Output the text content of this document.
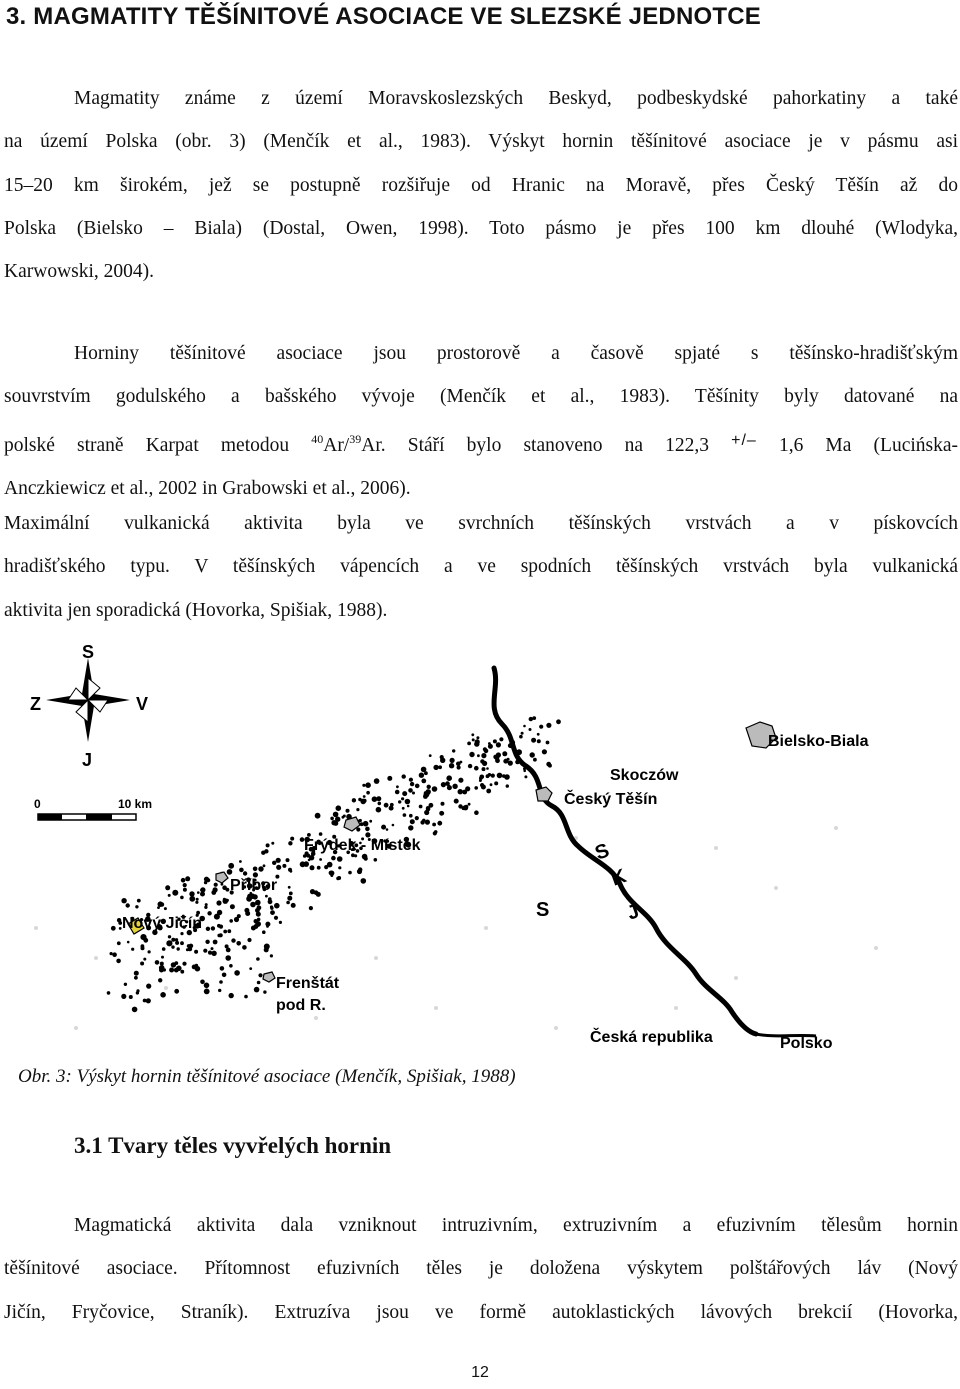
3. MAGMATITY TĚŠÍNITOVÉ ASOCIACE VE SLEZSKÉ JEDNOTCE

Magmatity známe z území Moravskoslezských Beskyd, podbeskydské pahorkatiny a také
na území Polska (obr. 3) (Menčík et al., 1983). Výskyt hornin těšínitové asociace je v pásmu asi
15–20 km širokém, jež se postupně rozšiřuje od Hranic na Moravě, přes Český Těšín až do
Polska (Bielsko – Biala) (Dostal, Owen, 1998). Toto pásmo je přes 100 km dlouhé (Wlodyka,
Karwowski, 2004).

Horniny těšínitové asociace jsou prostorově a časově spjaté s těšínsko-hradišťským
souvrstvím godulského a bašského vývoje (Menčík et al., 1983). Těšínity byly datované na
polské straně Karpat metodou $^{40}$Ar/$^{39}$Ar. Stáří bylo stanoveno na 122,3 +/– 1,6 Ma (Lucińska-
Anczkiewicz et al., 2002 in Grabowski et al., 2006).

Maximální vulkanická aktivita byla ve svrchních těšínských vrstvách a v pískovcích
hradišťského typu. V těšínských vápencích a ve spodních těšínských vrstvách byla vulkanická
aktivita jen sporadická (Hovorka, Spišiak, 1988).

S
Z	V
J
0	10 km
Bielsko-Biala
Skoczów
Český Těšín
Frýdek - Místek
Příbor
Nový Jičín
Frenštát
pod R.
Česká republika	Polsko
S
K
J
S
Obr. 3: Výskyt hornin těšínitové asociace (Menčík, Spišiak, 1988)
3.1 Tvary těles vyvřelých hornin

Magmatická aktivita dala vzniknout intruzivním, extruzivním a efuzivním tělesům hornin
těšínitové asociace. Přítomnost efuzivních těles je doložena výskytem polštářových láv (Nový
Jičín, Fryčovice, Straník). Extruzíva jsou ve formě autoklastických lávových brekcií (Hovorka,

12
